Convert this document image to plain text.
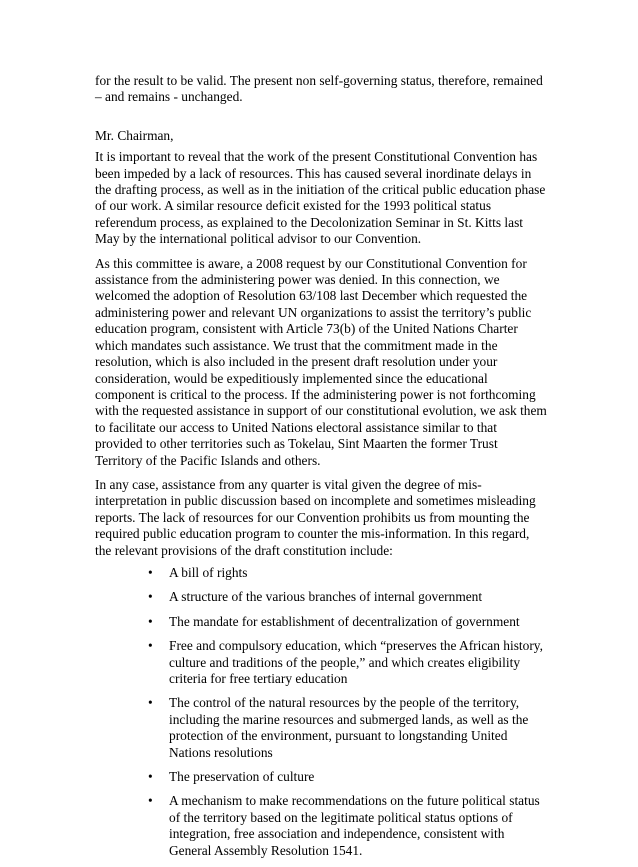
for the result to be valid. The present non self-governing status, therefore, remained – and remains - unchanged.

Mr. Chairman,

It is important to reveal that the work of the present Constitutional Convention has been impeded by a lack of resources. This has caused several inordinate delays in the drafting process, as well as in the initiation of the critical public education phase of our work. A similar resource deficit existed for the 1993 political status referendum process, as explained to the Decolonization Seminar in St. Kitts last May by the international political advisor to our Convention.

As this committee is aware, a 2008 request by our Constitutional Convention for assistance from the administering power was denied. In this connection, we welcomed the adoption of Resolution 63/108 last December which requested the administering power and relevant UN organizations to assist the territory’s public education program, consistent with Article 73(b) of the United Nations Charter which mandates such assistance. We trust that the commitment made in the resolution, which is also included in the present draft resolution under your consideration, would be expeditiously implemented since the educational component is critical to the process. If the administering power is not forthcoming with the requested assistance in support of our constitutional evolution, we ask them to facilitate our access to United Nations electoral assistance similar to that provided to other territories such as Tokelau, Sint Maarten the former Trust Territory of the Pacific Islands and others.

In any case, assistance from any quarter is vital given the degree of mis-interpretation in public discussion based on incomplete and sometimes misleading reports. The lack of resources for our Convention prohibits us from mounting the required public education program to counter the mis-information. In this regard, the relevant provisions of the draft constitution include:

• A bill of rights
• A structure of the various branches of internal government
• The mandate for establishment of decentralization of government
• Free and compulsory education, which “preserves the African history, culture and traditions of the people,” and which creates eligibility criteria for free tertiary education
• The control of the natural resources by the people of the territory, including the marine resources and submerged lands, as well as the protection of the environment, pursuant to longstanding United Nations resolutions
• The preservation of culture
• A mechanism to make recommendations on the future political status of the territory based on the legitimate political status options of integration, free association and independence, consistent with General Assembly Resolution 1541.
